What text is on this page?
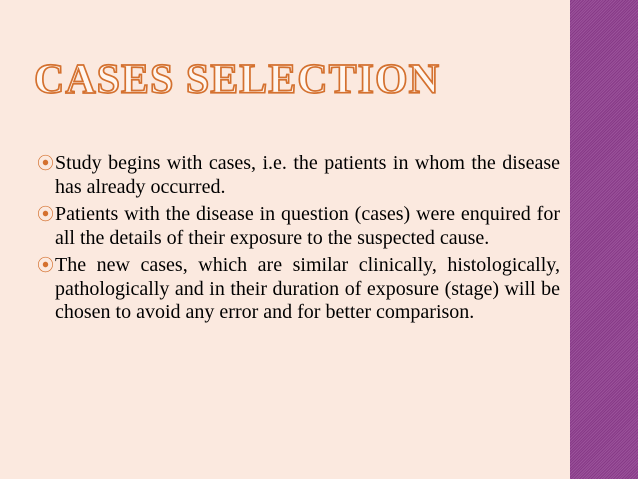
CASES SELECTION
⦿ Study begins with cases, i.e. the patients in whom the disease has already occurred.
⦿ Patients with the disease in question (cases) were enquired for all the details of their exposure to the suspected cause.
⦿ The new cases, which are similar clinically, histologically, pathologically and in their duration of exposure (stage) will be chosen to avoid any error and for better comparison.
